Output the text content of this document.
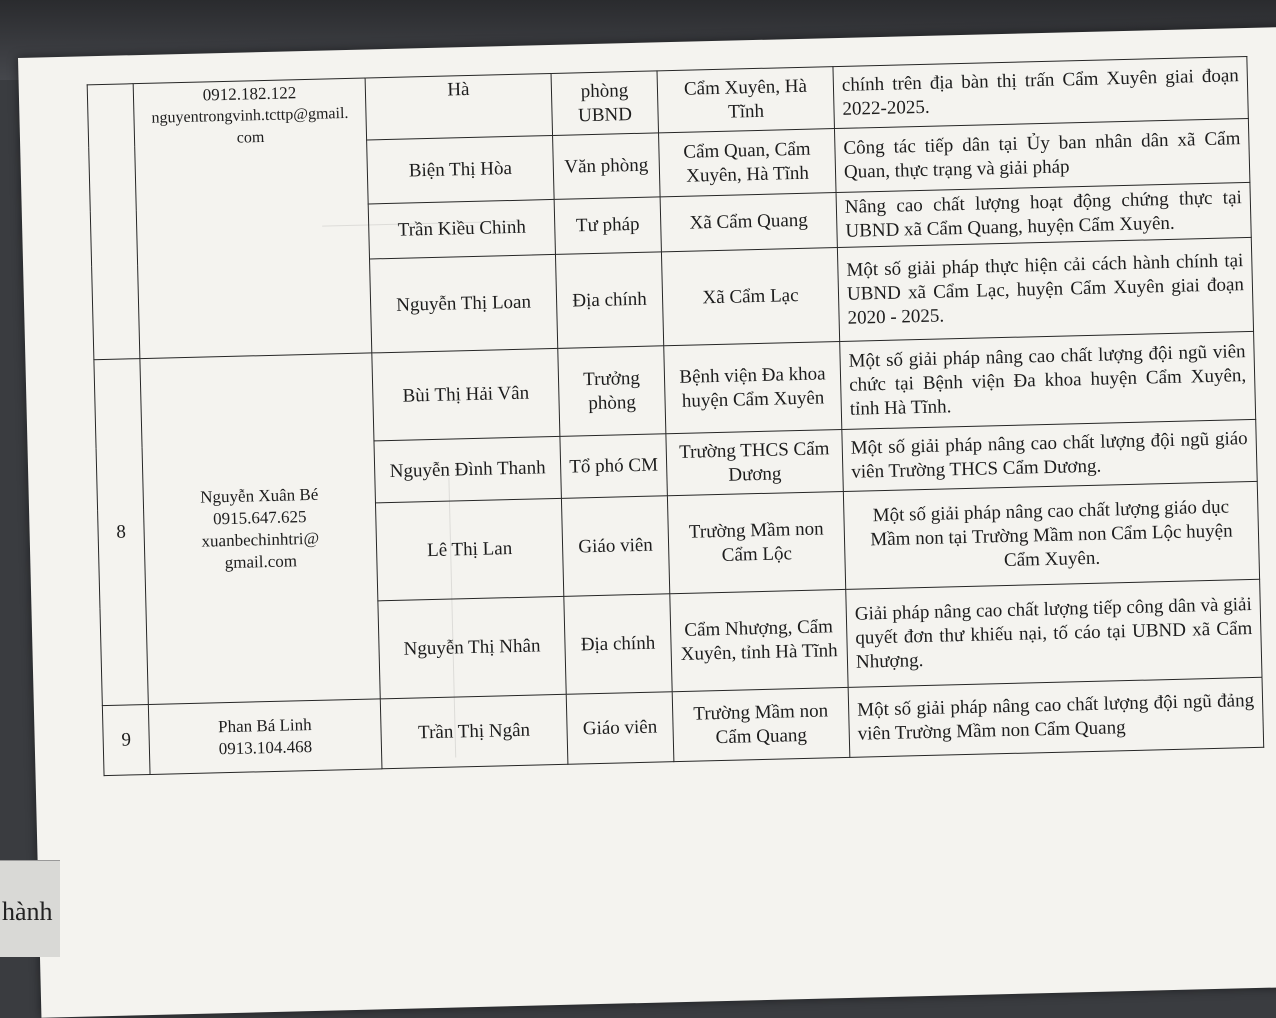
	0912.182.122
nguyentrongvinh.tcttp@gmail.
com	Hà	phòng UBND	Cẩm Xuyên, Hà Tĩnh	chính trên địa bàn thị trấn Cẩm Xuyên giai đoạn 2022-2025.
		Biện Thị Hòa	Văn phòng	Cẩm Quan, Cẩm Xuyên, Hà Tĩnh	Công tác tiếp dân tại Ủy ban nhân dân xã Cẩm Quan, thực trạng và giải pháp
		Trần Kiều Chinh	Tư pháp	Xã Cẩm Quang	Nâng cao chất lượng hoạt động chứng thực tại UBND xã Cẩm Quang, huyện Cẩm Xuyên.
		Nguyễn Thị Loan	Địa chính	Xã Cẩm Lạc	Một số giải pháp thực hiện cải cách hành chính tại UBND xã Cẩm Lạc, huyện Cẩm Xuyên giai đoạn 2020 - 2025.
8	Nguyễn Xuân Bé
0915.647.625
xuanbechinhtri@
gmail.com	Bùi Thị Hải Vân	Trưởng phòng	Bệnh viện Đa khoa huyện Cẩm Xuyên	Một số giải pháp nâng cao chất lượng đội ngũ viên chức tại Bệnh viện Đa khoa huyện Cẩm Xuyên, tỉnh Hà Tĩnh.
		Nguyễn Đình Thanh	Tổ phó CM	Trường THCS Cẩm Dương	Một số giải pháp nâng cao chất lượng đội ngũ giáo viên Trường THCS Cẩm Dương.
		Lê Thị Lan	Giáo viên	Trường Mầm non Cẩm Lộc	Một số giải pháp nâng cao chất lượng giáo dục Mầm non tại Trường Mầm non Cẩm Lộc huyện Cẩm Xuyên.
		Nguyễn Thị Nhân	Địa chính	Cẩm Nhượng, Cẩm Xuyên, tỉnh Hà Tĩnh	Giải pháp nâng cao chất lượng tiếp công dân và giải quyết đơn thư khiếu nại, tố cáo tại UBND xã Cẩm Nhượng.
9	Phan Bá Linh
0913.104.468	Trần Thị Ngân	Giáo viên	Trường Mầm non Cẩm Quang	Một số giải pháp nâng cao chất lượng đội ngũ đảng viên Trường Mầm non Cẩm Quang
hành
